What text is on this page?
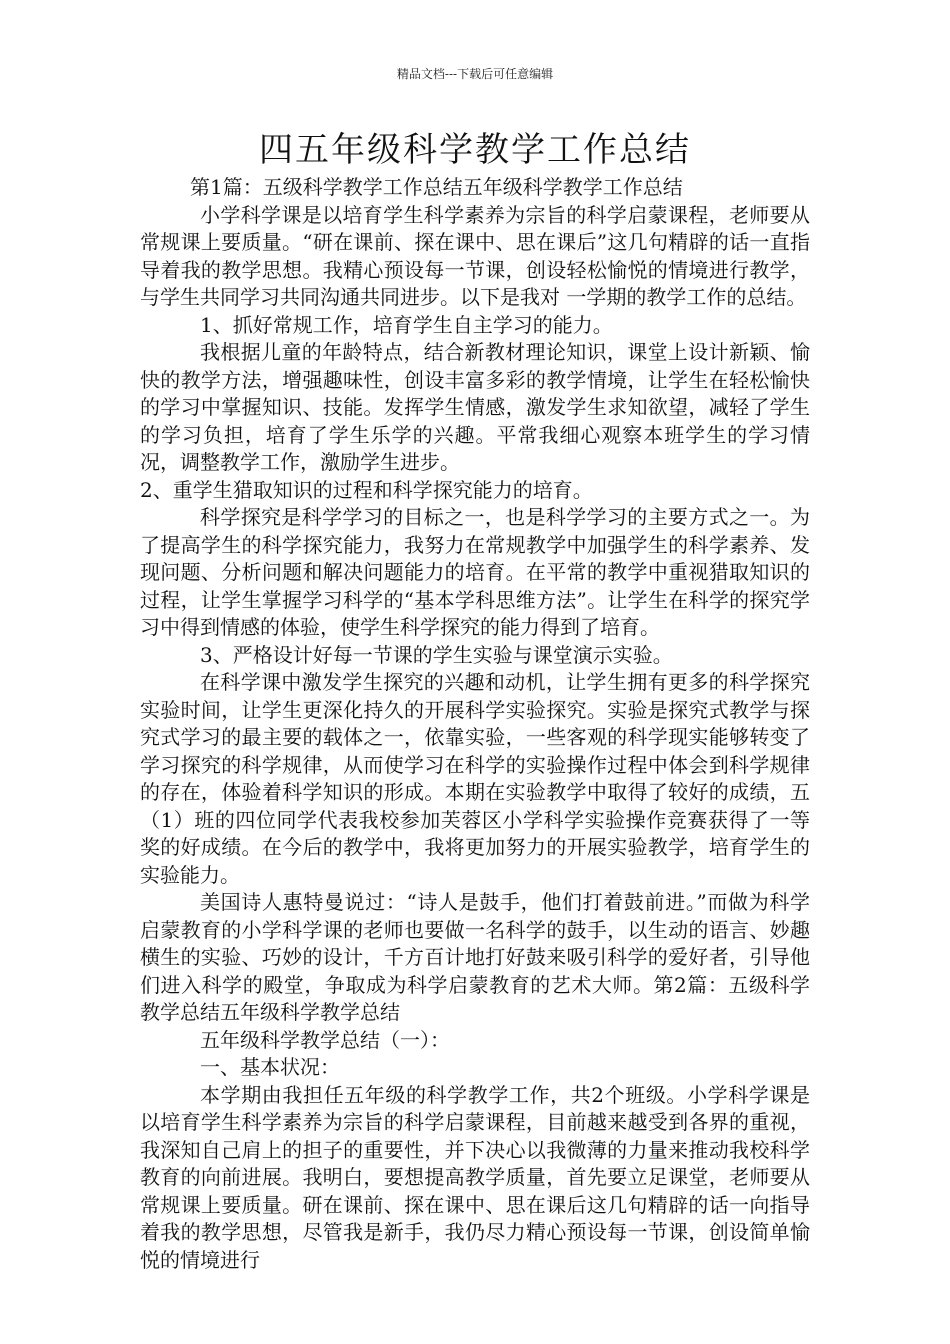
精品文档---下载后可任意编辑
四五年级科学教学工作总结

第1篇：五级科学教学工作总结五年级科学教学工作总结

小学科学课是以培育学生科学素养为宗旨的科学启蒙课程，老师要从常规课上要质量。“研在课前、探在课中、思在课后”这几句精辟的话一直指导着我的教学思想。我精心预设每一节课，创设轻松愉悦的情境进行教学，与学生共同学习共同沟通共同进步。以下是我对 一学期的教学工作的总结。

1、抓好常规工作，培育学生自主学习的能力。

我根据儿童的年龄特点，结合新教材理论知识，课堂上设计新颖、愉快的教学方法，增强趣味性，创设丰富多彩的教学情境，让学生在轻松愉快的学习中掌握知识、技能。发挥学生情感，激发学生求知欲望，减轻了学生的学习负担，培育了学生乐学的兴趣。平常我细心观察本班学生的学习情况，调整教学工作，激励学生进步。

2、重学生猎取知识的过程和科学探究能力的培育。

科学探究是科学学习的目标之一，也是科学学习的主要方式之一。为了提高学生的科学探究能力，我努力在常规教学中加强学生的科学素养、发现问题、分析问题和解决问题能力的培育。在平常的教学中重视猎取知识的过程，让学生掌握学习科学的“基本学科思维方法”。让学生在科学的探究学习中得到情感的体验，使学生科学探究的能力得到了培育。

3、严格设计好每一节课的学生实验与课堂演示实验。

在科学课中激发学生探究的兴趣和动机，让学生拥有更多的科学探究实验时间，让学生更深化持久的开展科学实验探究。实验是探究式教学与探究式学习的最主要的载体之一，依靠实验，一些客观的科学现实能够转变了学习探究的科学规律，从而使学习在科学的实验操作过程中体会到科学规律的存在，体验着科学知识的形成。本期在实验教学中取得了较好的成绩，五（1）班的四位同学代表我校参加芙蓉区小学科学实验操作竞赛获得了一等奖的好成绩。在今后的教学中，我将更加努力的开展实验教学，培育学生的实验能力。

美国诗人惠特曼说过：“诗人是鼓手，他们打着鼓前进。”而做为科学启蒙教育的小学科学课的老师也要做一名科学的鼓手，以生动的语言、妙趣横生的实验、巧妙的设计，千方百计地打好鼓来吸引科学的爱好者，引导他们进入科学的殿堂，争取成为科学启蒙教育的艺术大师。第2篇：五级科学教学总结五年级科学教学总结

五年级科学教学总结（一）：

一、基本状况：

本学期由我担任五年级的科学教学工作，共2个班级。小学科学课是以培育学生科学素养为宗旨的科学启蒙课程，目前越来越受到各界的重视，我深知自己肩上的担子的重要性，并下决心以我微薄的力量来推动我校科学教育的向前进展。我明白，要想提高教学质量，首先要立足课堂，老师要从常规课上要质量。研在课前、探在课中、思在课后这几句精辟的话一向指导着我的教学思想，尽管我是新手，我仍尽力精心预设每一节课，创设简单愉悦的情境进行
